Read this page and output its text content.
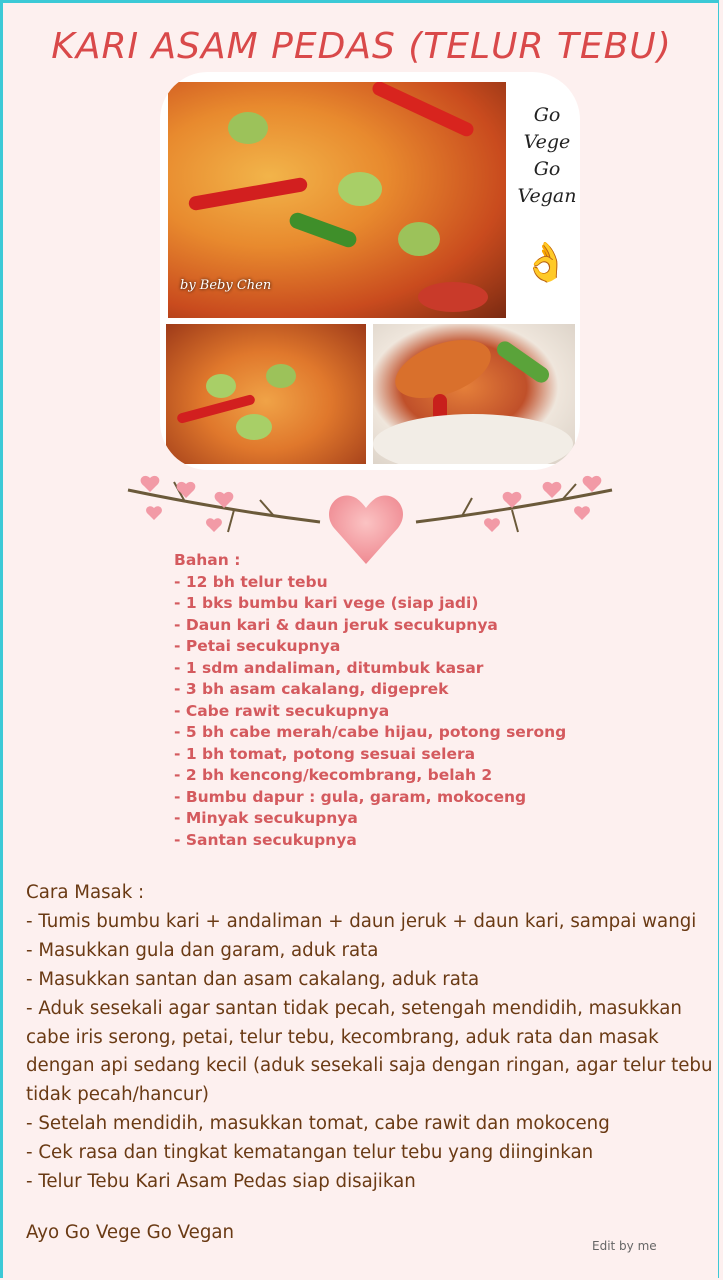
KARI ASAM PEDAS (TELUR TEBU)
by Beby Chen
Go
Vege
Go
Vegan
👌
Bahan :
- 12 bh telur tebu
- 1 bks bumbu kari vege (siap jadi)
- Daun kari & daun jeruk secukupnya
- Petai secukupnya
- 1 sdm andaliman, ditumbuk kasar
- 3 bh asam cakalang, digeprek
- Cabe rawit secukupnya
- 5 bh cabe merah/cabe hijau, potong serong
- 1 bh tomat, potong sesuai selera
- 2 bh kencong/kecombrang, belah 2
- Bumbu dapur : gula, garam, mokoceng
- Minyak secukupnya
- Santan secukupnya

Cara Masak :

- Tumis bumbu kari + andaliman + daun jeruk + daun kari, sampai wangi

- Masukkan gula dan garam, aduk rata

- Masukkan santan dan asam cakalang, aduk rata

- Aduk sesekali agar santan tidak pecah, setengah mendidih, masukkan cabe iris serong, petai, telur tebu, kecombrang, aduk rata dan masak dengan api sedang kecil (aduk sesekali saja dengan ringan, agar telur tebu tidak pecah/hancur)

- Setelah mendidih, masukkan tomat, cabe rawit dan mokoceng

- Cek rasa dan tingkat kematangan telur tebu yang diinginkan

- Telur Tebu Kari Asam Pedas siap disajikan

Ayo Go Vege Go Vegan
Edit by me
